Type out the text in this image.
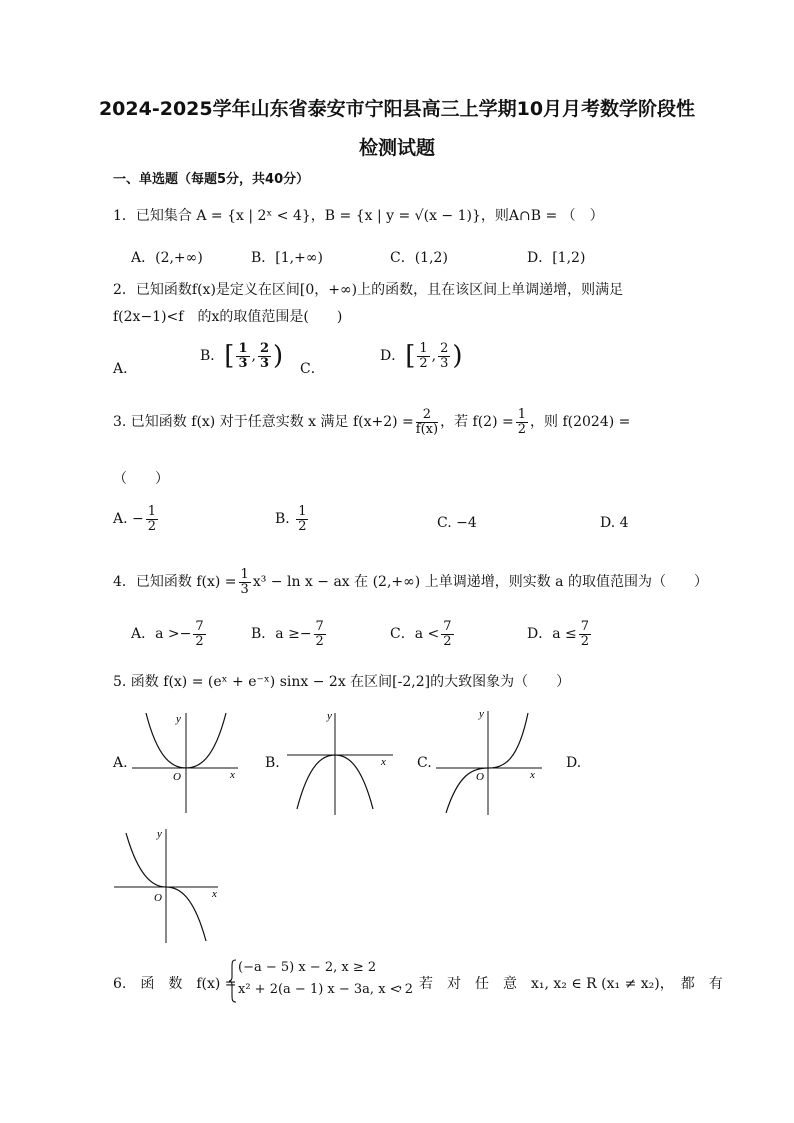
2024-2025学年山东省泰安市宁阳县高三上学期10月月考数学阶段性
检测试题
一、单选题（每题5分，共40分）
1．已知集合 A = {x | 2ˣ < 4}，B = {x | y = √(x − 1)}，则A∩B = （　）
A．(2,+∞)	B．[1,+∞)	C．(1,2)	D．[1,2)
2．已知函数f(x)是定义在区间[0，+∞)上的函数，且在该区间上单调递增，则满足
f(2x−1)<f　的x的取值范围是(　　)
A．
B．[ $\frac{1}{3}$ , $\frac{2}{3}$ ) C．
D．[ $\frac{1}{2}$ , $\frac{2}{3}$ )
3. 已知函数 f(x) 对于任意实数 x 满足 $f(x+2) = \frac{2}{f(x)}$ ，若 $f(2) = \frac{1}{2}$ ，则 f(2024) =
（　　）
A. − $\frac{1}{2}$	B. $\frac{1}{2}$	C. −4	D. 4
4．已知函数 $f(x) = \frac{1}{3} x^3 - \ln x$ − ax 在 (2,+∞) 上单调递增，则实数 a 的取值范围为（　　）
A．$a >- \frac{7}{2}$	B．$a \ge- \frac{7}{2}$	C．$a < \frac{7}{2}$	D．$a \le \frac{7}{2}$
5. 函数 f(x) = (eˣ + e⁻ˣ) sinx − 2x 在区间[-2,2]的大致图象为（　　）
A.
y
x
O
B.
y
x C.
y
x
O
D.
y
x
O
6.　函　数　f(x) =
(−a − 5) x − 2, x ≥ 2
x² + 2(a − 1) x − 3a, x < 2
，　若　对　任　意　x₁, x₂ ∈ R (x₁ ≠ x₂)，　都　有
